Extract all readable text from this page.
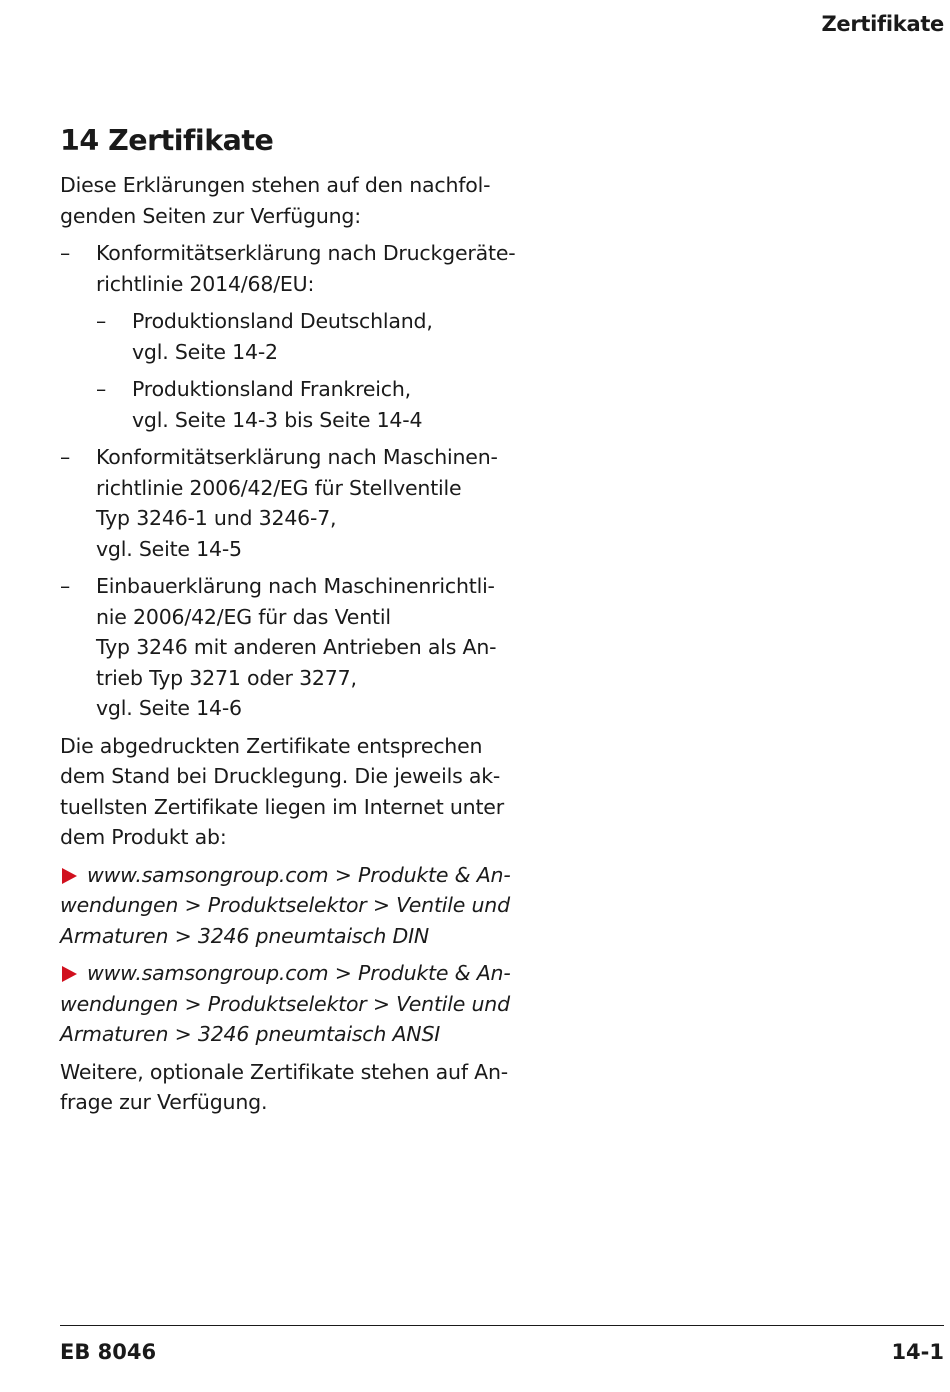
Zertifikate
14 Zertifikate

Diese Erklärungen stehen auf den nachfol-
genden Seiten zur Verfügung:

– Konformitätserklärung nach Druckgeräte-
richtlinie 2014/68/EU:
– Produktionsland Deutschland,
vgl. Seite 14-2
– Produktionsland Frankreich,
vgl. Seite 14-3 bis Seite 14-4
– Konformitätserklärung nach Maschinen-
richtlinie 2006/42/EG für Stellventile
Typ 3246-1 und 3246-7,
vgl. Seite 14-5
– Einbauerklärung nach Maschinenrichtli-
nie 2006/42/EG für das Ventil
Typ 3246 mit anderen Antrieben als An-
trieb Typ 3271 oder 3277,
vgl. Seite 14-6

Die abgedruckten Zertifikate entsprechen
dem Stand bei Drucklegung. Die jeweils ak-
tuellsten Zertifikate liegen im Internet unter
dem Produkt ab:

www.samsongroup.com > Produkte & An-
wendungen > Produktselektor > Ventile und
Armaturen > 3246 pneumtaisch DIN
www.samsongroup.com > Produkte & An-
wendungen > Produktselektor > Ventile und
Armaturen > 3246 pneumtaisch ANSI

Weitere, optionale Zertifikate stehen auf An-
frage zur Verfügung.

EB 8046	14-1
